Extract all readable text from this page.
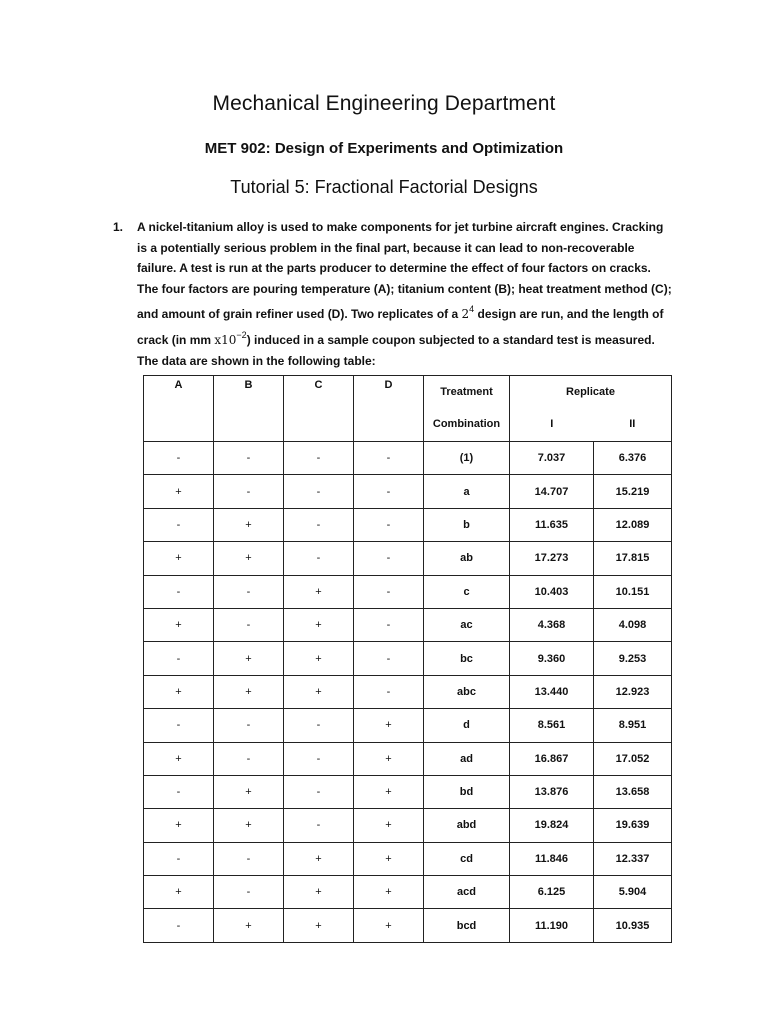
Mechanical Engineering Department
MET 902: Design of Experiments and Optimization
Tutorial 5: Fractional Factorial Designs
1. A nickel-titanium alloy is used to make components for jet turbine aircraft engines. Cracking is a potentially serious problem in the final part, because it can lead to non-recoverable failure. A test is run at the parts producer to determine the effect of four factors on cracks. The four factors are pouring temperature (A); titanium content (B); heat treatment method (C); and amount of grain refiner used (D). Two replicates of a $2^4$ design are run, and the length of crack (in mm $x10^{-2}$) induced in a sample coupon subjected to a standard test is measured. The data are shown in the following table:
A	B	C	D	Treatment	Replicate	
				Combination	I	II
-	-	-	-	(1)	7.037	6.376
+	-	-	-	a	14.707	15.219
-	+	-	-	b	11.635	12.089
+	+	-	-	ab	17.273	17.815
-	-	+	-	c	10.403	10.151
+	-	+	-	ac	4.368	4.098
-	+	+	-	bc	9.360	9.253
+	+	+	-	abc	13.440	12.923
-	-	-	+	d	8.561	8.951
+	-	-	+	ad	16.867	17.052
-	+	-	+	bd	13.876	13.658
+	+	-	+	abd	19.824	19.639
-	-	+	+	cd	11.846	12.337
+	-	+	+	acd	6.125	5.904
-	+	+	+	bcd	11.190	10.935
